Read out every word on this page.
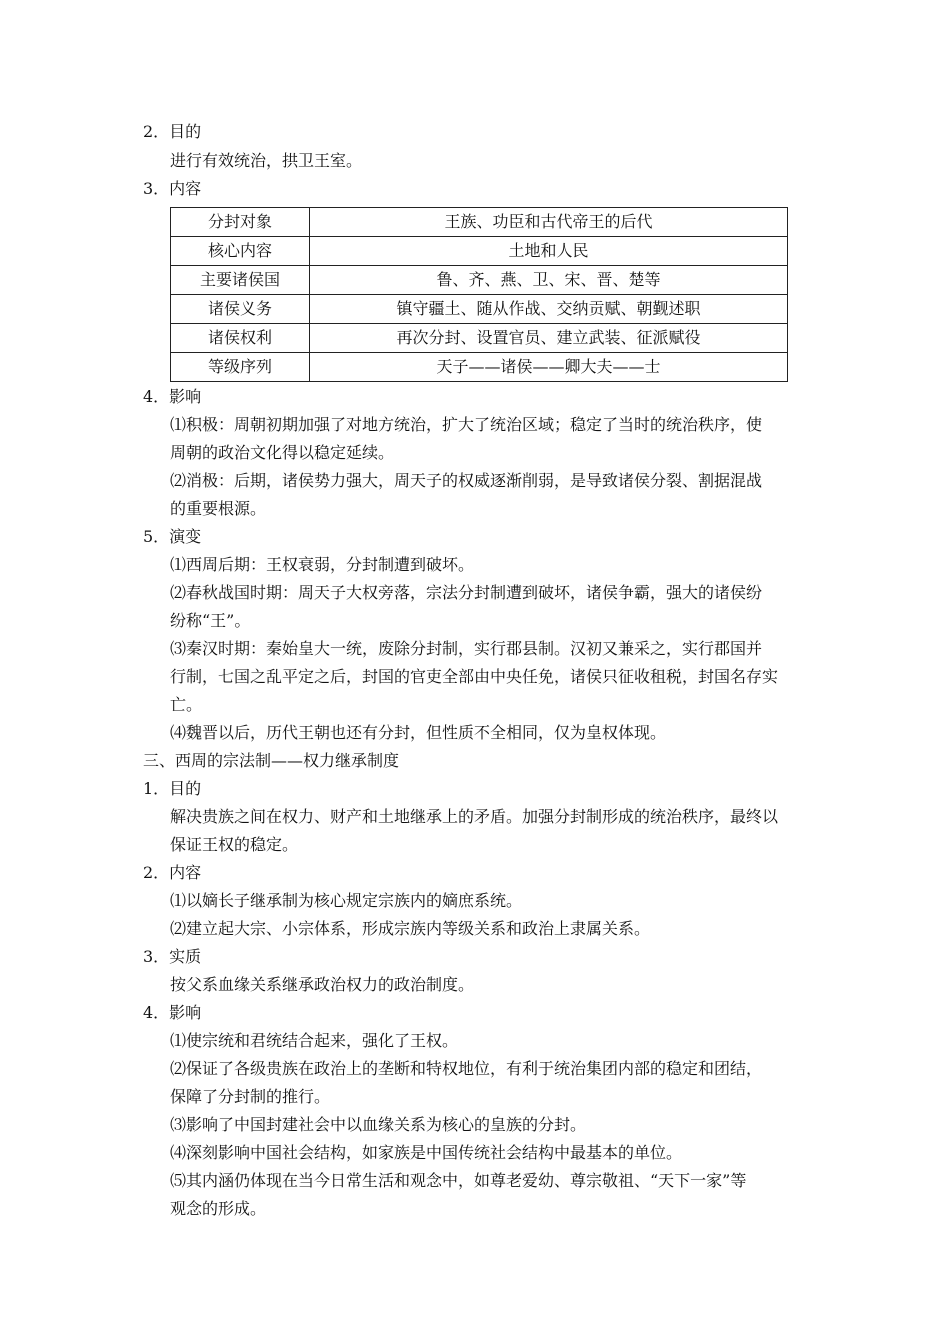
2．目的
进行有效统治，拱卫王室。
3．内容
分封对象	王族、功臣和古代帝王的后代
核心内容	土地和人民
主要诸侯国	鲁、齐、燕、卫、宋、晋、楚等
诸侯义务	镇守疆土、随从作战、交纳贡赋、朝觐述职
诸侯权利	再次分封、设置官员、建立武装、征派赋役
等级序列	天子——诸侯——卿大夫——士
4．影响
⑴积极：周朝初期加强了对地方统治，扩大了统治区域；稳定了当时的统治秩序，使
周朝的政治文化得以稳定延续。
⑵消极：后期，诸侯势力强大，周天子的权威逐渐削弱，是导致诸侯分裂、割据混战
的重要根源。
5．演变
⑴西周后期：王权衰弱，分封制遭到破坏。
⑵春秋战国时期：周天子大权旁落，宗法分封制遭到破坏，诸侯争霸，强大的诸侯纷
纷称“王”。
⑶秦汉时期：秦始皇大一统，废除分封制，实行郡县制。汉初又兼采之，实行郡国并
行制，七国之乱平定之后，封国的官吏全部由中央任免，诸侯只征收租税，封国名存实
亡。
⑷魏晋以后，历代王朝也还有分封，但性质不全相同，仅为皇权体现。
三、西周的宗法制——权力继承制度
1．目的
解决贵族之间在权力、财产和土地继承上的矛盾。加强分封制形成的统治秩序，最终以
保证王权的稳定。
2．内容
⑴以嫡长子继承制为核心规定宗族内的嫡庶系统。
⑵建立起大宗、小宗体系，形成宗族内等级关系和政治上隶属关系。
3．实质
按父系血缘关系继承政治权力的政治制度。
4．影响
⑴使宗统和君统结合起来，强化了王权。
⑵保证了各级贵族在政治上的垄断和特权地位，有利于统治集团内部的稳定和团结，
保障了分封制的推行。
⑶影响了中国封建社会中以血缘关系为核心的皇族的分封。
⑷深刻影响中国社会结构，如家族是中国传统社会结构中最基本的单位。
⑸其内涵仍体现在当今日常生活和观念中，如尊老爱幼、尊宗敬祖、“天下一家”等
观念的形成。
